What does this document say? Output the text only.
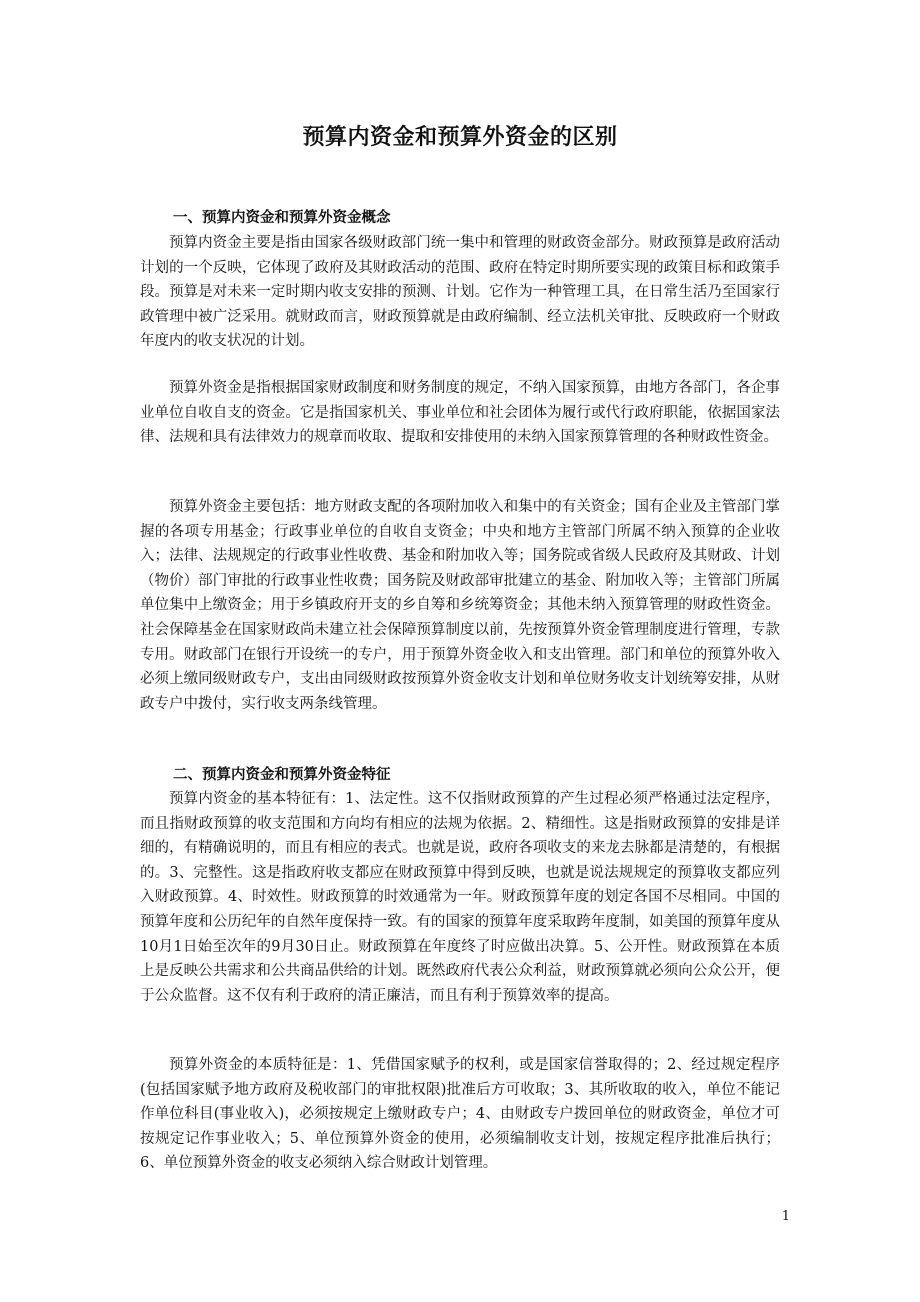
预算内资金和预算外资金的区别
一、预算内资金和预算外资金概念

预算内资金主要是指由国家各级财政部门统一集中和管理的财政资金部分。财政预算是政府活动计划的一个反映，它体现了政府及其财政活动的范围、政府在特定时期所要实现的政策目标和政策手段。预算是对未来一定时期内收支安排的预测、计划。它作为一种管理工具，在日常生活乃至国家行政管理中被广泛采用。就财政而言，财政预算就是由政府编制、经立法机关审批、反映政府一个财政年度内的收支状况的计划。

预算外资金是指根据国家财政制度和财务制度的规定，不纳入国家预算，由地方各部门，各企事业单位自收自支的资金。它是指国家机关、事业单位和社会团体为履行或代行政府职能，依据国家法律、法规和具有法律效力的规章而收取、提取和安排使用的未纳入国家预算管理的各种财政性资金。

预算外资金主要包括：地方财政支配的各项附加收入和集中的有关资金；国有企业及主管部门掌握的各项专用基金；行政事业单位的自收自支资金；中央和地方主管部门所属不纳入预算的企业收入；法律、法规规定的行政事业性收费、基金和附加收入等；国务院或省级人民政府及其财政、计划（物价）部门审批的行政事业性收费；国务院及财政部审批建立的基金、附加收入等；主管部门所属单位集中上缴资金；用于乡镇政府开支的乡自筹和乡统筹资金；其他未纳入预算管理的财政性资金。社会保障基金在国家财政尚未建立社会保障预算制度以前，先按预算外资金管理制度进行管理，专款专用。财政部门在银行开设统一的专户，用于预算外资金收入和支出管理。部门和单位的预算外收入必须上缴同级财政专户，支出由同级财政按预算外资金收支计划和单位财务收支计划统筹安排，从财政专户中拨付，实行收支两条线管理。

二、预算内资金和预算外资金特征

预算内资金的基本特征有：1、法定性。这不仅指财政预算的产生过程必须严格通过法定程序，而且指财政预算的收支范围和方向均有相应的法规为依据。2、精细性。这是指财政预算的安排是详细的，有精确说明的，而且有相应的表式。也就是说，政府各项收支的来龙去脉都是清楚的，有根据的。3、完整性。这是指政府收支都应在财政预算中得到反映，也就是说法规规定的预算收支都应列入财政预算。4、时效性。财政预算的时效通常为一年。财政预算年度的划定各国不尽相同。中国的预算年度和公历纪年的自然年度保持一致。有的国家的预算年度采取跨年度制，如美国的预算年度从10月1日始至次年的9月30日止。财政预算在年度终了时应做出决算。5、公开性。财政预算在本质上是反映公共需求和公共商品供给的计划。既然政府代表公众利益，财政预算就必须向公众公开，便于公众监督。这不仅有利于政府的清正廉洁，而且有利于预算效率的提高。

预算外资金的本质特征是：1、凭借国家赋予的权利，或是国家信誉取得的；2、经过规定程序(包括国家赋予地方政府及税收部门的审批权限)批准后方可收取；3、其所收取的收入，单位不能记作单位科目(事业收入)，必须按规定上缴财政专户；4、由财政专户拨回单位的财政资金，单位才可按规定记作事业收入；5、单位预算外资金的使用，必须编制收支计划，按规定程序批准后执行；6、单位预算外资金的收支必须纳入综合财政计划管理。

1
